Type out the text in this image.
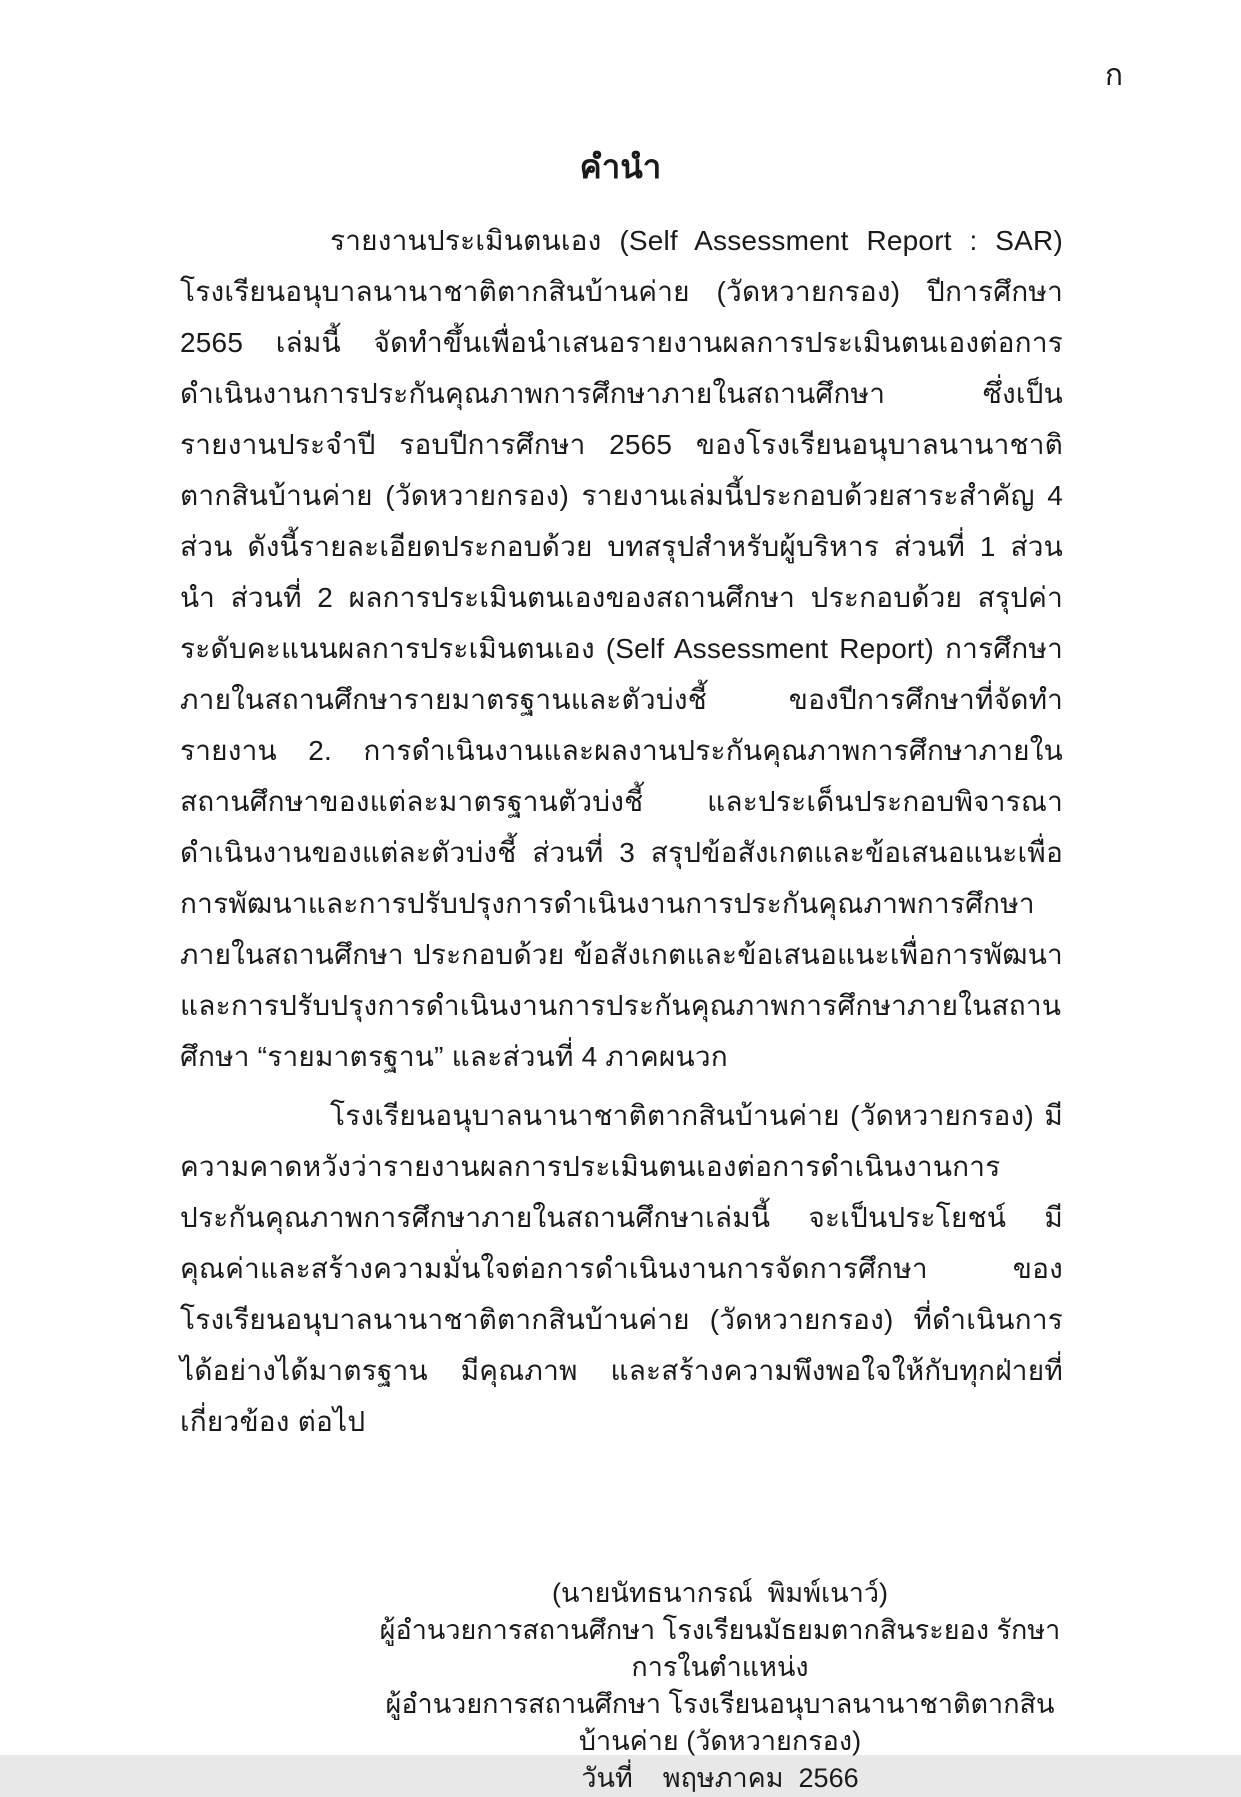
ก
คำนำ

รายงานประเมินตนเอง (Self Assessment Report : SAR) โรงเรียนอนุบาลนานาชาติตากสินบ้านค่าย (วัดหวายกรอง) ปีการศึกษา 2565 เล่มนี้ จัดทำขึ้นเพื่อนำเสนอรายงานผลการประเมินตนเองต่อการดำเนินงานการประกันคุณภาพการศึกษาภายในสถานศึกษา ซึ่งเป็นรายงานประจำปี รอบปีการศึกษา 2565 ของโรงเรียนอนุบาลนานาชาติตากสินบ้านค่าย (วัดหวายกรอง) รายงานเล่มนี้ประกอบด้วยสาระสำคัญ 4 ส่วน ดังนี้รายละเอียดประกอบด้วย บทสรุปสำหรับผู้บริหาร ส่วนที่ 1 ส่วนนำ ส่วนที่ 2 ผลการประเมินตนเองของสถานศึกษา ประกอบด้วย สรุปค่าระดับคะแนนผลการประเมินตนเอง (Self Assessment Report) การศึกษาภายในสถานศึกษารายมาตรฐานและตัวบ่งชี้ ของปีการศึกษาที่จัดทำรายงาน 2. การดำเนินงานและผลงานประกันคุณภาพการศึกษาภายในสถานศึกษาของแต่ละมาตรฐานตัวบ่งชี้ และประเด็นประกอบพิจารณาดำเนินงานของแต่ละตัวบ่งชี้ ส่วนที่ 3 สรุปข้อสังเกตและข้อเสนอแนะเพื่อการพัฒนาและการปรับปรุงการดำเนินงานการประกันคุณภาพการศึกษาภายในสถานศึกษา ประกอบด้วย ข้อสังเกตและข้อเสนอแนะเพื่อการพัฒนาและการปรับปรุงการดำเนินงานการประกันคุณภาพการศึกษาภายในสถานศึกษา “รายมาตรฐาน” และส่วนที่ 4 ภาคผนวก

โรงเรียนอนุบาลนานาชาติตากสินบ้านค่าย (วัดหวายกรอง) มีความคาดหวังว่ารายงานผลการประเมินตนเองต่อการดำเนินงานการประกันคุณภาพการศึกษาภายในสถานศึกษาเล่มนี้ จะเป็นประโยชน์ มีคุณค่าและสร้างความมั่นใจต่อการดำเนินงานการจัดการศึกษา ของโรงเรียนอนุบาลนานาชาติตากสินบ้านค่าย (วัดหวายกรอง) ที่ดำเนินการได้อย่างได้มาตรฐาน มีคุณภาพ และสร้างความพึงพอใจให้กับทุกฝ่ายที่เกี่ยวข้อง ต่อไป

(นายนัทธนากรณ์  พิมพ์เนาว์)
ผู้อำนวยการสถานศึกษา โรงเรียนมัธยมตากสินระยอง รักษาการในตำแหน่ง
ผู้อำนวยการสถานศึกษา โรงเรียนอนุบาลนานาชาติตากสินบ้านค่าย (วัดหวายกรอง)
วันที่    พฤษภาคม  2566
